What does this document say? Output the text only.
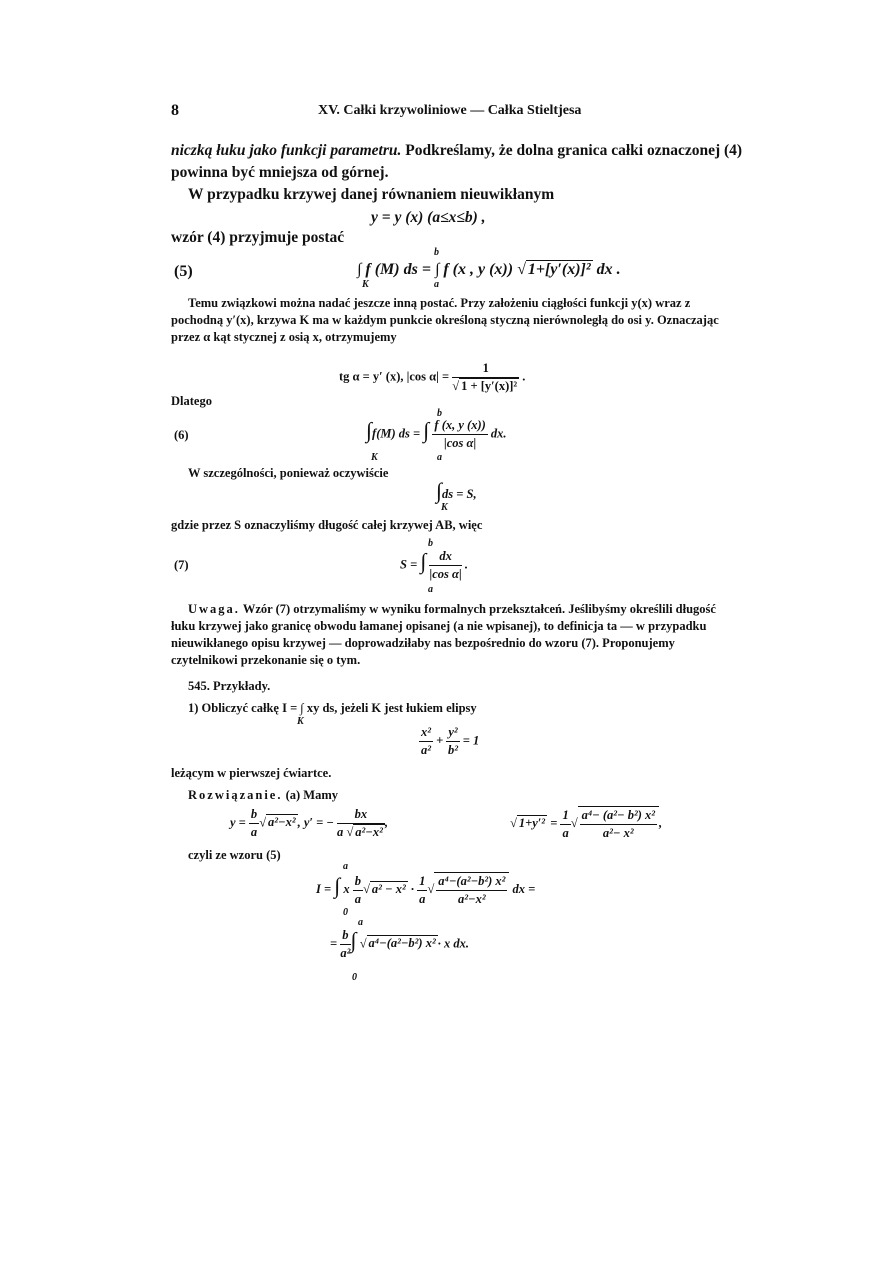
8	XV. Całki krzywoliniowe — Całka Stieltjesa
niczką łuku jako funkcji parametru. Podkreślamy, że dolna granica całki oznaczonej (4)
powinna być mniejsza od górnej.
W przypadku krzywej danej równaniem nieuwikłanym
y = y (x) (a≤x≤b) ,
wzór (4) przyjmuje postać
(5)	∫ f (M) ds = ∫ f (x , y (x)) √ 1+[y′(x)]² dx .
K	a
b
Temu związkowi można nadać jeszcze inną postać. Przy założeniu ciągłości funkcji y(x) wraz z pochodną y′(x), krzywa K ma w każdym punkcie określoną styczną nierównoległą do osi y. Oznaczając przez α kąt stycznej z osią x, otrzymujemy
tg α = y′ (x), |cos $\alpha| = \frac{1}{\text{√ 1 + [y′(x)]²}}$ .
Dlatego
(6)	∫f(M) ds = ∫ $\frac{f (x, y (x))}{\text{|cos α|}}$ dx.
K	a
b
W szczególności, ponieważ oczywiście
∫ds = S,
K
gdzie przez S oznaczyliśmy długość całej krzywej AB, więc
(7)	S = ∫ $\frac{dx}{\text{|cos α|}}$ .
a
b
Uwaga. Wzór (7) otrzymaliśmy w wyniku formalnych przekształceń. Jeślibyśmy określili długość łuku krzywej jako granicę obwodu łamanej opisanej (a nie wpisanej), to definicja ta — w przypadku nieuwikłanego opisu krzywej — doprowadziłaby nas bezpośrednio do wzoru (7). Proponujemy czytelnikowi przekonanie się o tym.
545. Przykłady.
1) Obliczyć całkę I = ∫ xy ds, jeżeli K jest łukiem elipsy
K
$\frac{\text{x²}}{\text{a²}} + \frac{\text{y²}}{\text{b²}} = 1$
leżącym w pierwszej ćwiartce.
Rozwiązanie. (a) Mamy
$y = \frac{b}{a}$ √ a²−x² , y′ = − $\frac{bx}{\text{a √ a²−x²}}$ ,	√ $1+y'^2 = \frac{1}{a}$ √ $\frac{\text{a⁴− (a²− b²) x²}}{\text{a²− x²}}$ ,
czyli ze wzoru (5)
I = ∫ x $\frac{b}{a}$ √ $a^2 - x^2 \cdot \frac{1}{a}$ √ $\frac{\text{a⁴−(a²−b²) x²}}{\text{a²−x²}}$ dx =
a
0
= $\frac{b}{\text{a²}}$ ∫ √ a⁴−(a²−b²) x² · x dx.
a
0
